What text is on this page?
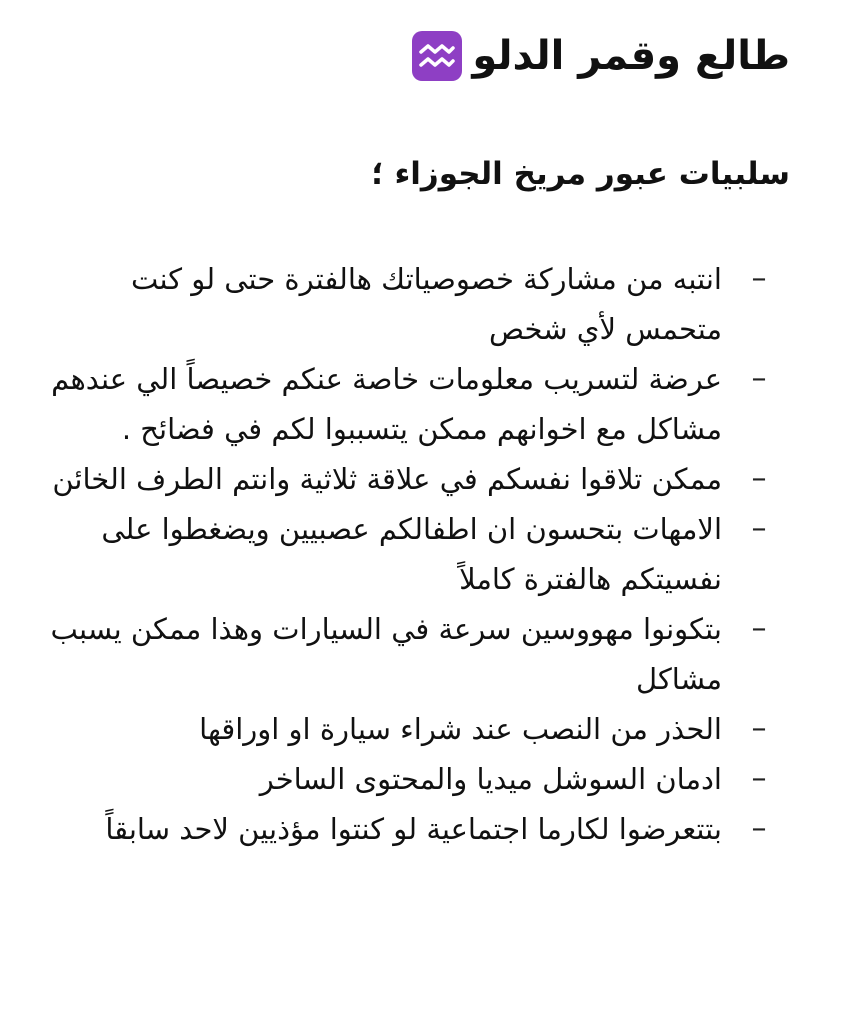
طالع وقمر الدلو
سلبيات عبور مريخ الجوزاء ؛
–
انتبه من مشاركة خصوصياتك هالفترة حتى لو كنت متحمس لأي شخص
–
عرضة لتسريب معلومات خاصة عنكم خصيصاً الي عندهم مشاكل مع اخوانهم ممكن يتسببوا لكم في فضائح .
–
ممكن تلاقوا نفسكم في علاقة ثلاثية وانتم الطرف الخائن
–
الامهات بتحسون ان اطفالكم عصبيين ويضغطوا على نفسيتكم هالفترة كاملاً
–
بتكونوا مهووسين سرعة في السيارات وهذا ممكن يسبب مشاكل
–
الحذر من النصب عند شراء سيارة او اوراقها
–
ادمان السوشل ميديا والمحتوى الساخر
–
بتتعرضوا لكارما اجتماعية لو كنتوا مؤذيين لاحد سابقاً
